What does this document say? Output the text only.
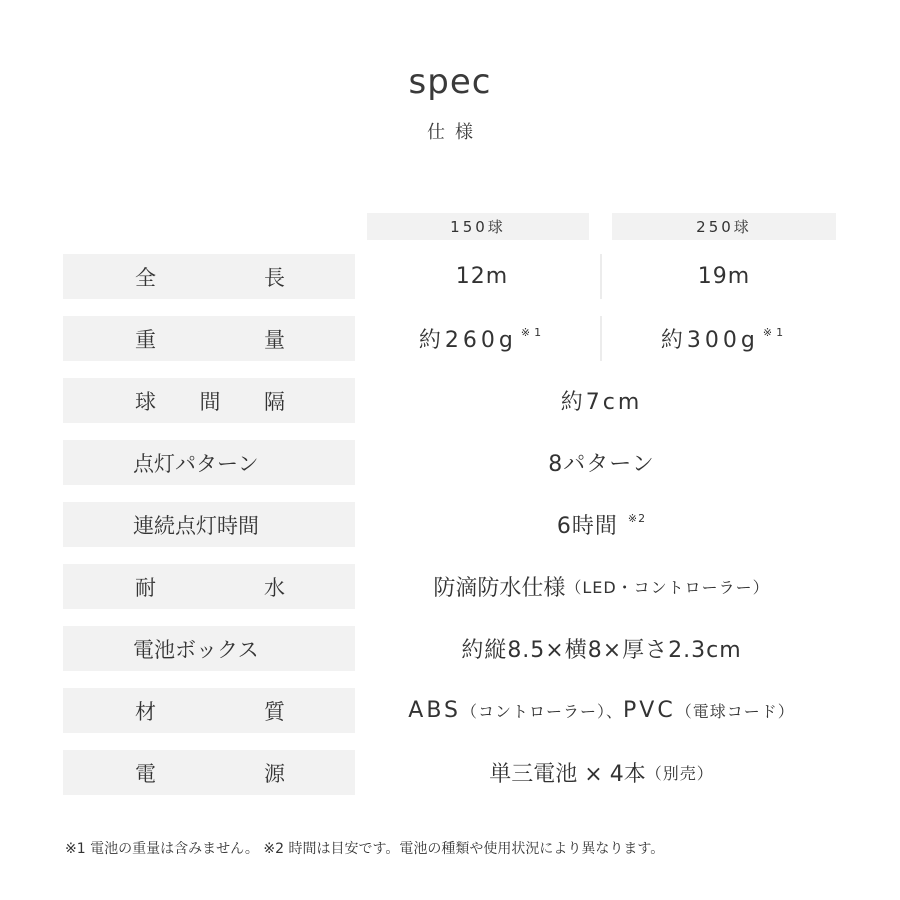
spec
仕様
150球	250球
全	長	12m	19m
重	量	約260g $^{※1}$	約300g $^{※1}$
球 間 隔	約7cm
点灯パターン	8パターン
連続点灯時間	6時間 $^{※2}$
耐	水	防滴防水仕様 （LED・コントローラー）
電池ボックス	約縦8.5×横8×厚さ2.3cm
材	質	ABS （コントローラー）、 PVC （電球コード）
電	源	単三電池 × 4本 （別売）
※1 電池の重量は含みません。 ※2 時間は目安です。電池の種類や使用状況により異なります。
